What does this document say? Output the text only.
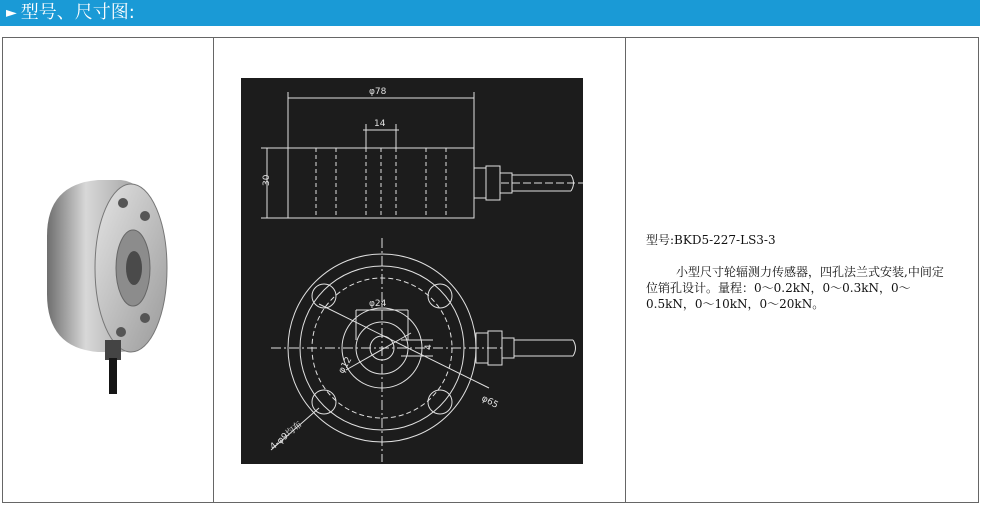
► 型号、尺寸图:
φ78
14
30
φ24
φ12
4
φ65
4-φ9均布
型号:BKD5-227-LS3-3
小型尺寸轮辐测力传感器，四孔法兰式安装,中间定位销孔设计。量程：0～0.2kN，0～0.3kN，0～0.5kN，0～10kN，0～20kN。
